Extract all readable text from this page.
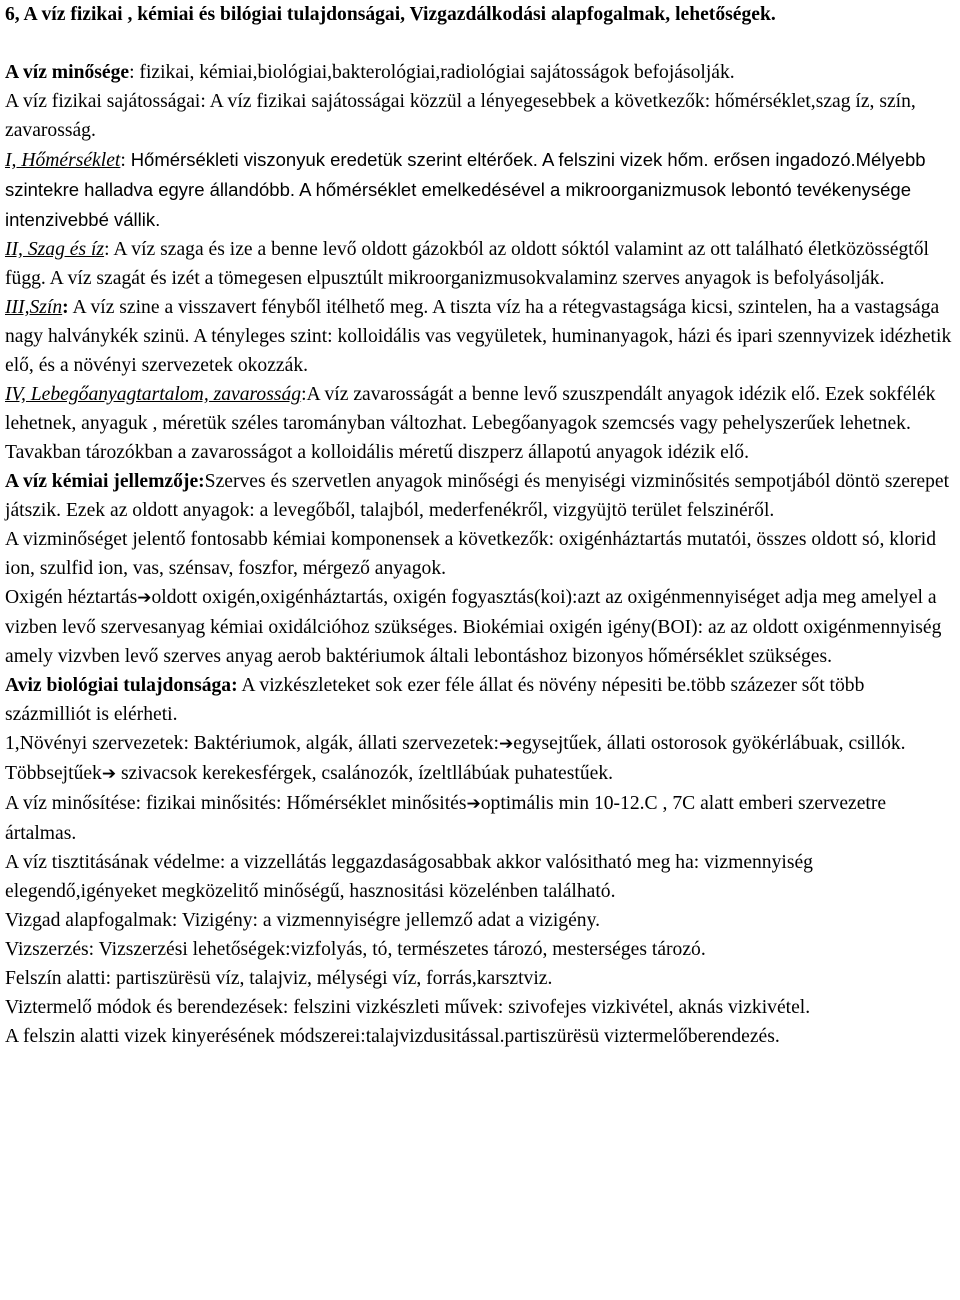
6, A víz fizikai , kémiai és bilógiai tulajdonságai, Vizgazdálkodási alapfogalmak, lehetőségek.

A víz minősége: fizikai, kémiai,biológiai,bakterológiai,radiológiai sajátosságok befojásolják.

A víz fizikai sajátosságai: A víz fizikai sajátosságai közzül a lényegesebbek a következők: hőmérséklet,szag íz, szín, zavarosság.

I, Hőmérséklet: Hőmérsékleti viszonyuk eredetük szerint eltérőek. A felszini vizek hőm. erősen ingadozó.Mélyebb szintekre halladva egyre állandóbb. A hőmérséklet emelkedésével a mikroorganizmusok lebontó tevékenysége intenzivebbé vállik.

II, Szag és íz: A víz szaga és ize a benne levő oldott gázokból az oldott sóktól valamint az ott található életközösségtől függ. A víz szagát és izét a tömegesen elpusztúlt mikroorganizmusokvalaminz szerves anyagok is befolyásolják.

III,Szín: A víz szine a visszavert fényből itélhető meg. A tiszta víz ha a rétegvastagsága kicsi, szintelen, ha a vastagsága nagy halványkék szinü. A tényleges szint: kolloidális vas vegyületek, huminanyagok, házi és ipari szennyvizek idézhetik elő, és a növényi szervezetek okozzák.

IV, Lebegőanyagtartalom, zavarosság:A víz zavarosságát a benne levő szuszpendált anyagok idézik elő. Ezek sokfélék lehetnek, anyaguk , méretük széles tarományban változhat. Lebegőanyagok szemcsés vagy pehelyszerűek lehetnek. Tavakban tározókban a zavarosságot a kolloidális méretű diszperz állapotú anyagok idézik elő.

A víz kémiai jellemzője:Szerves és szervetlen anyagok minőségi és menyiségi vizminősités sempotjából döntö szerepet játszik. Ezek az oldott anyagok: a levegőből, talajból, mederfenékről, vizgyüjtö terület felszinéről.

A vizminőséget jelentő fontosabb kémiai komponensek a következők: oxigénháztartás mutatói, összes oldott só, klorid ion, szulfid ion, vas, szénsav, foszfor, mérgező anyagok.

Oxigén héztartás➔oldott oxigén,oxigénháztartás, oxigén fogyasztás(koi):azt az oxigénmennyiséget adja meg amelyel a vizben levő szervesanyag kémiai oxidálcióhoz szükséges. Biokémiai oxigén igény(BOI): az az oldott oxigénmennyiség amely vizvben levő szerves anyag aerob baktériumok általi lebontáshoz bizonyos hőmérséklet szükséges.

Aviz biológiai tulajdonsága: A vizkészleteket sok ezer féle állat és növény népesiti be.több százezer sőt több százmilliót is elérheti.

1,Növényi szervezetek: Baktériumok, algák, állati szervezetek:➔egysejtűek, állati ostorosok gyökérlábuak, csillók. Többsejtűek➔ szivacsok kerekesférgek, csalánozók, ízeltllábúak puhatestűek.

A víz minősítése: fizikai minősités: Hőmérséklet minősités➔optimális min 10-12.C , 7C alatt emberi szervezetre ártalmas.

A víz tisztitásának védelme: a vizzellátás leggazdaságosabbak akkor valósitható meg ha: vizmennyiség elegendő,igényeket megközelitő minőségű, hasznositási közelénben található.

Vizgad alapfogalmak: Vizigény: a vizmennyiségre jellemző adat a vizigény.

Vizszerzés: Vizszerzési lehetőségek:vizfolyás, tó, természetes tározó, mesterséges tározó.

Felszín alatti: partiszürësü víz, talajviz, mélységi víz, forrás,karsztviz.

Viztermelő módok és berendezések: felszini vizkészleti művek: szivofejes vizkivétel, aknás vizkivétel.

A felszin alatti vizek kinyerésének módszerei:talajvizdusitással.partiszürësü viztermelőberendezés.
